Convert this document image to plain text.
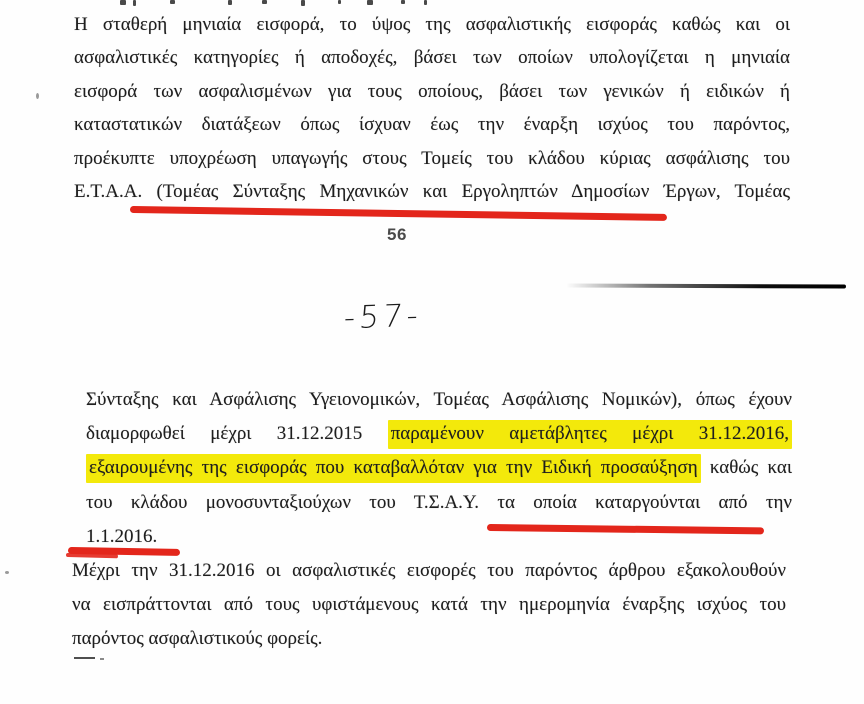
Η σταθερή μηνιαία εισφορά, το ύψος της ασφαλιστικής εισφοράς καθώς και οι
ασφαλιστικές κατηγορίες ή αποδοχές, βάσει των οποίων υπολογίζεται η μηνιαία
εισφορά των ασφαλισμένων για τους οποίους, βάσει των γενικών ή ειδικών ή
καταστατικών διατάξεων όπως ίσχυαν έως την έναρξη ισχύος του παρόντος,
προέκυπτε υποχρέωση υπαγωγής στους Τομείς του κλάδου κύριας ασφάλισης του
Ε.Τ.Α.Α. (Τομέας Σύνταξης Μηχανικών και Εργοληπτών Δημοσίων Έργων, Τομέας
56
-57-
Σύνταξης και Ασφάλισης Υγειονομικών, Τομέας Ασφάλισης Νομικών), όπως έχουν
διαμορφωθεί μέχρι 31.12.2015 παραμένουν αμετάβλητες μέχρι 31.12.2016,
εξαιρουμένης της εισφοράς που καταβαλλόταν για την Ειδική προσαύξηση καθώς και
του κλάδου μονοσυνταξιούχων του Τ.Σ.Α.Υ. τα οποία καταργούνται από την
1.1.2016.
Μέχρι την 31.12.2016 οι ασφαλιστικές εισφορές του παρόντος άρθρου εξακολουθούν
να εισπράττονται από τους υφιστάμενους κατά την ημερομηνία έναρξης ισχύος του
παρόντος ασφαλιστικούς φορείς.
